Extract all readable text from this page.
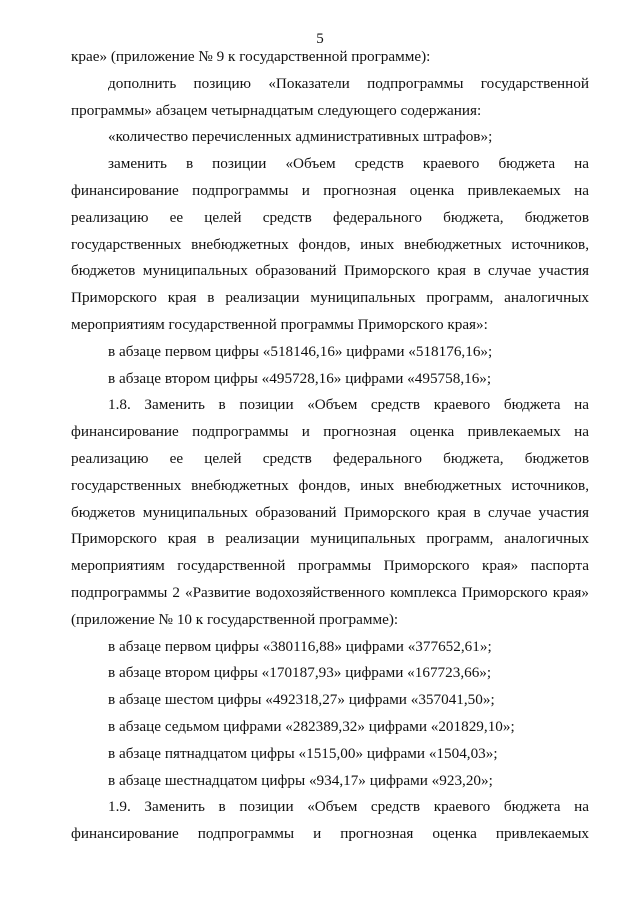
5

крае» (приложение № 9 к государственной программе):

дополнить позицию «Показатели подпрограммы государственной программы» абзацем четырнадцатым следующего содержания:

«количество перечисленных административных штрафов»;

заменить в позиции «Объем средств краевого бюджета на финансирование подпрограммы и прогнозная оценка привлекаемых на реализацию ее целей средств федерального бюджета, бюджетов государственных внебюджетных фондов, иных внебюджетных источников, бюджетов муниципальных образований Приморского края в случае участия Приморского края в реализации муниципальных программ, аналогичных мероприятиям государственной программы Приморского края»:

в абзаце первом цифры «518146,16» цифрами «518176,16»;

в абзаце втором цифры «495728,16» цифрами «495758,16»;

1.8. Заменить в позиции «Объем средств краевого бюджета на финансирование подпрограммы и прогнозная оценка привлекаемых на реализацию ее целей средств федерального бюджета, бюджетов государственных внебюджетных фондов, иных внебюджетных источников, бюджетов муниципальных образований Приморского края в случае участия Приморского края в реализации муниципальных программ, аналогичных мероприятиям государственной программы Приморского края» паспорта подпрограммы 2 «Развитие водохозяйственного комплекса Приморского края» (приложение № 10 к государственной программе):

в абзаце первом цифры «380116,88» цифрами «377652,61»;

в абзаце втором цифры «170187,93» цифрами «167723,66»;

в абзаце шестом цифры «492318,27» цифрами «357041,50»;

в абзаце седьмом цифрами «282389,32» цифрами «201829,10»;

в абзаце пятнадцатом цифры «1515,00» цифрами «1504,03»;

в абзаце шестнадцатом цифры «934,17» цифрами «923,20»;

1.9. Заменить в позиции «Объем средств краевого бюджета на финансирование подпрограммы и прогнозная оценка привлекаемых
